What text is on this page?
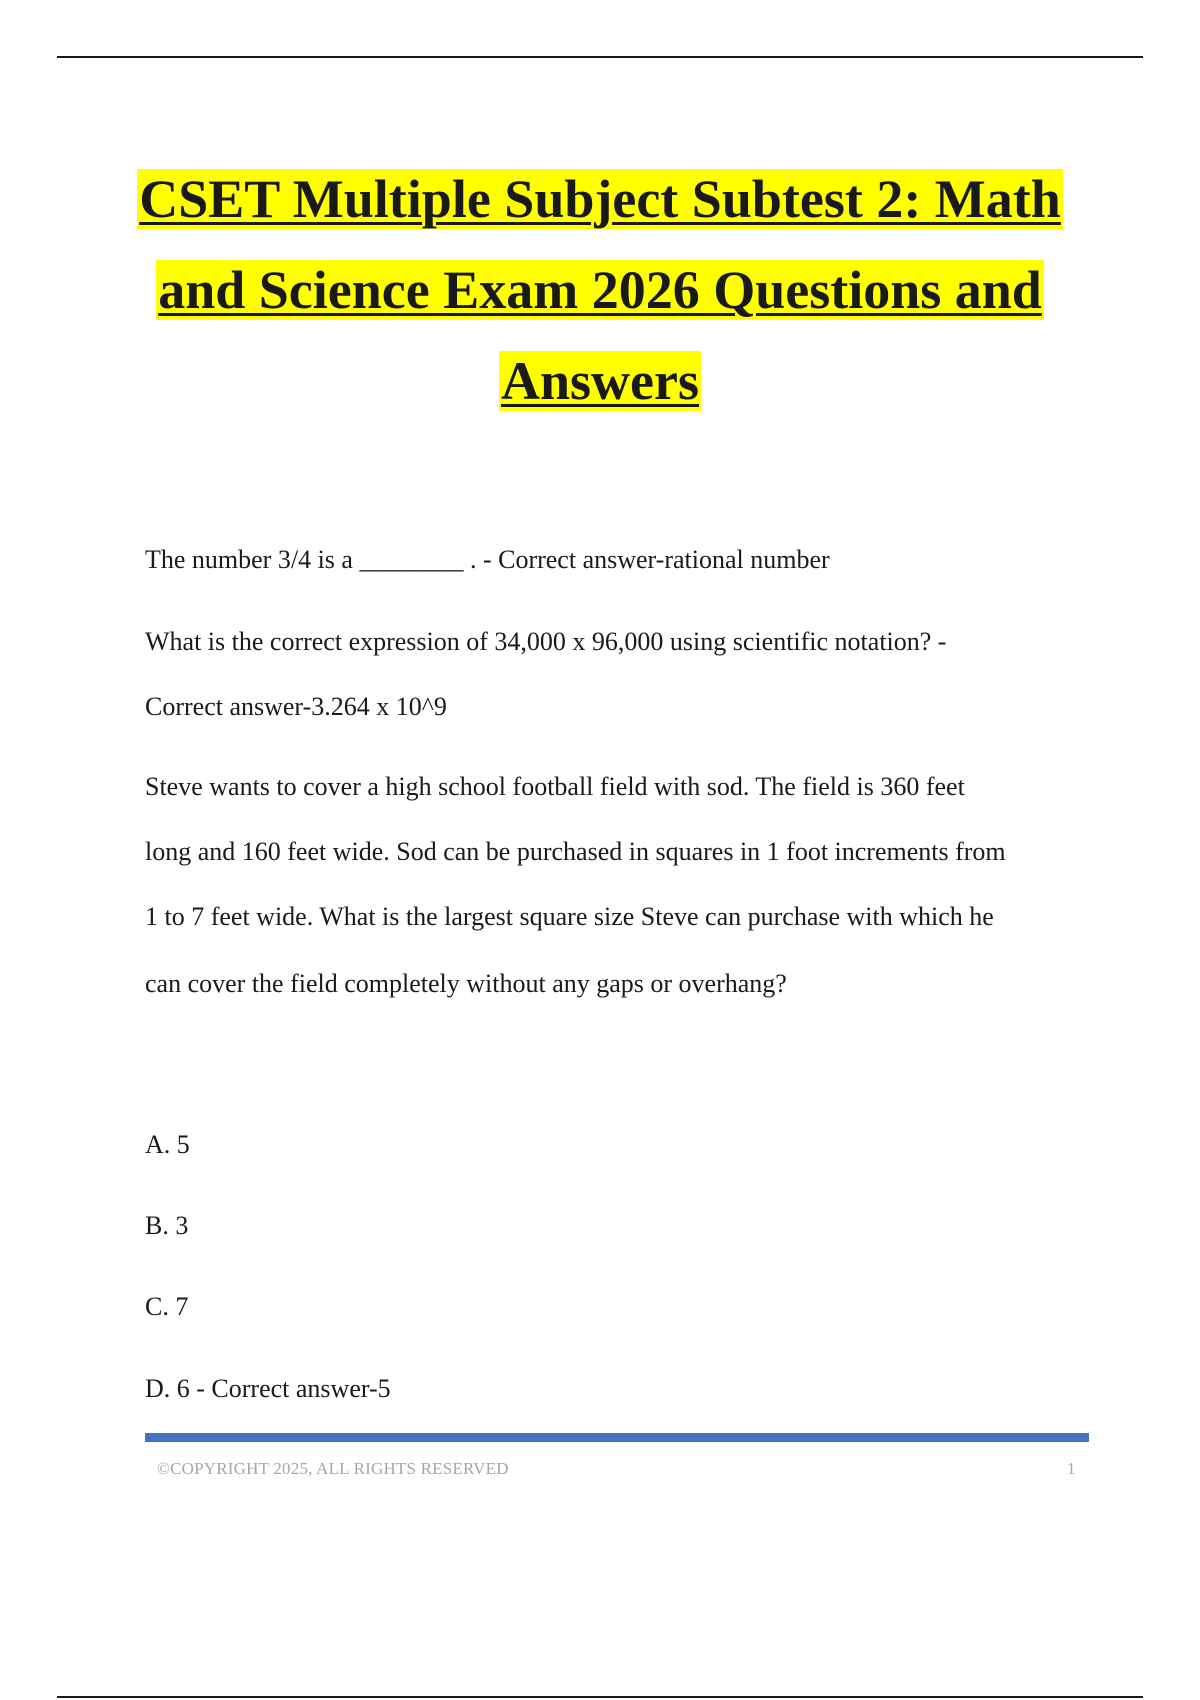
CSET Multiple Subject Subtest 2: Math
and Science Exam 2026 Questions and
Answers

The number 3/4 is a ________ . - Correct answer-rational number

What is the correct expression of 34,000 x 96,000 using scientific notation? -

Correct answer-3.264 x 10^9

Steve wants to cover a high school football field with sod. The field is 360 feet

long and 160 feet wide. Sod can be purchased in squares in 1 foot increments from

1 to 7 feet wide. What is the largest square size Steve can purchase with which he

can cover the field completely without any gaps or overhang?

A. 5

B. 3

C. 7

D. 6 - Correct answer-5

©COPYRIGHT 2025, ALL RIGHTS RESERVED	1
